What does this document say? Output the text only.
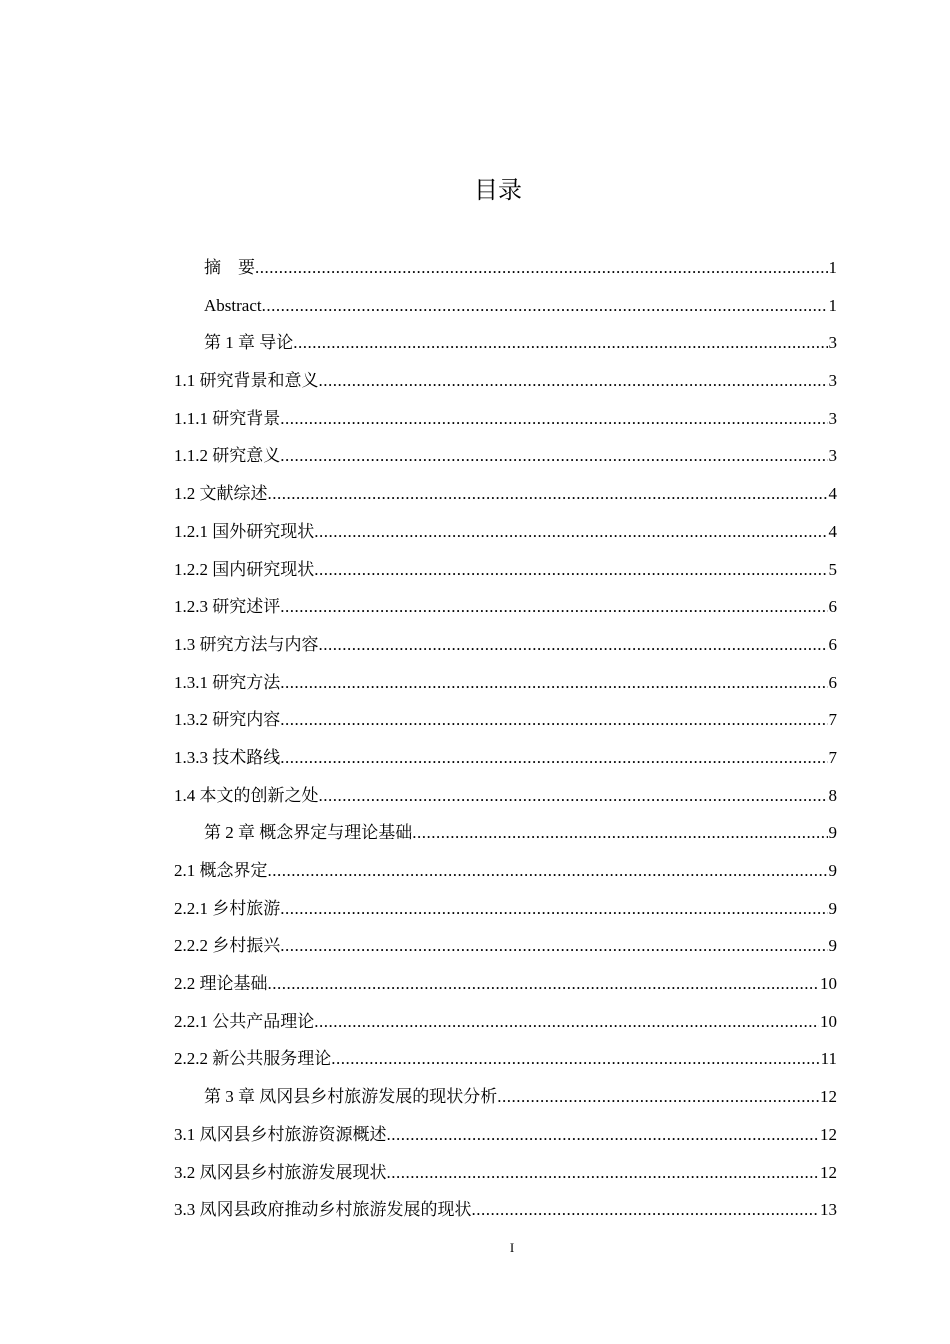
目录
摘　要 .....	1
Abstract .....	1
第 1 章 导论 .....	3
1.1 研究背景和意义 .....	3
1.1.1 研究背景 .....	3
1.1.2 研究意义 .....	3
1.2 文献综述 .....	4
1.2.1 国外研究现状 .....	4
1.2.2 国内研究现状 .....	5
1.2.3 研究述评 .....	6
1.3 研究方法与内容 .....	6
1.3.1 研究方法 .....	6
1.3.2 研究内容 .....	7
1.3.3 技术路线 .....	7
1.4 本文的创新之处 .....	8
第 2 章 概念界定与理论基础 .....	9
2.1 概念界定 .....	9
2.2.1 乡村旅游 .....	9
2.2.2 乡村振兴 .....	9
2.2 理论基础 .....	10
2.2.1 公共产品理论 .....	10
2.2.2 新公共服务理论 .....	11
第 3 章 凤冈县乡村旅游发展的现状分析 .....	12
3.1 凤冈县乡村旅游资源概述 .....	12
3.2 凤冈县乡村旅游发展现状 .....	12
3.3 凤冈县政府推动乡村旅游发展的现状 .....	13
I
